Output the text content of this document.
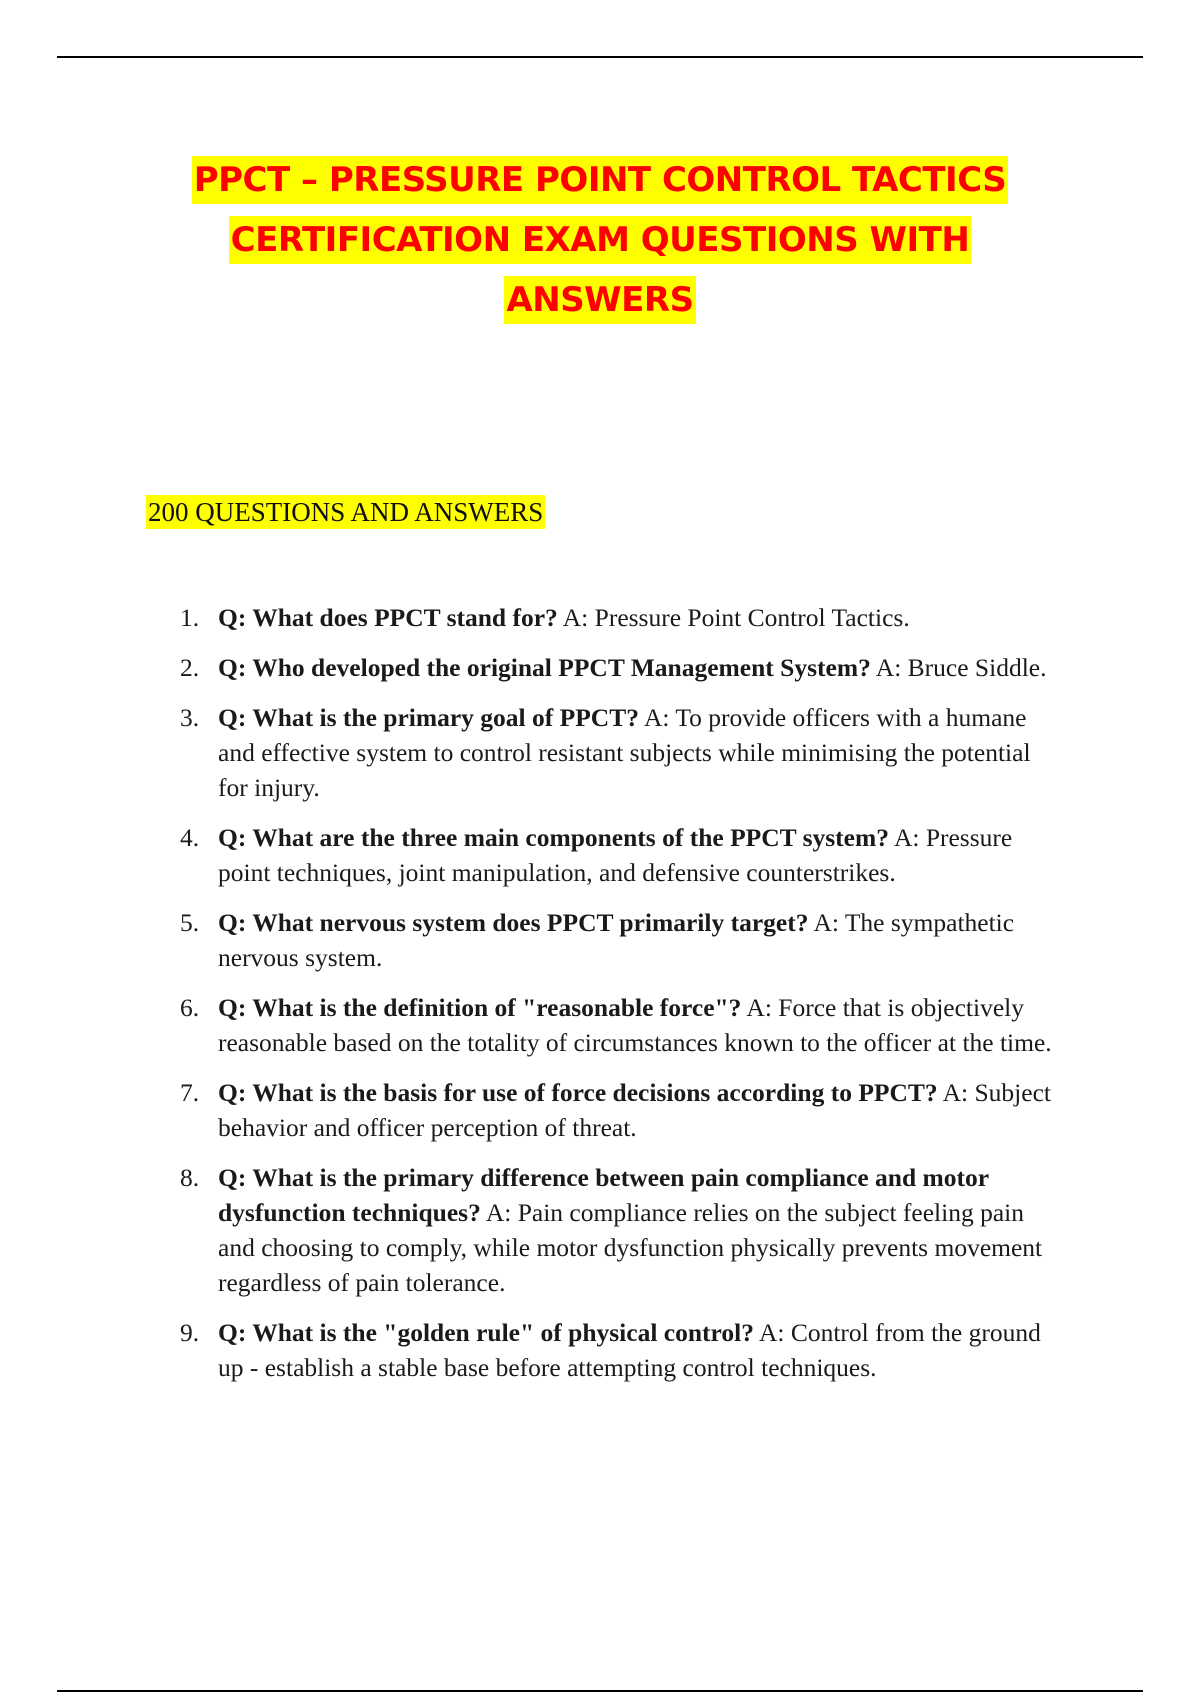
PPCT – PRESSURE POINT CONTROL TACTICS
CERTIFICATION EXAM QUESTIONS WITH
ANSWERS
200 QUESTIONS AND ANSWERS
1. Q: What does PPCT stand for? A: Pressure Point Control Tactics.
2. Q: Who developed the original PPCT Management System? A: Bruce Siddle.
3. Q: What is the primary goal of PPCT? A: To provide officers with a humane and effective system to control resistant subjects while minimising the potential for injury.
4. Q: What are the three main components of the PPCT system? A: Pressure point techniques, joint manipulation, and defensive counterstrikes.
5. Q: What nervous system does PPCT primarily target? A: The sympathetic nervous system.
6. Q: What is the definition of "reasonable force"? A: Force that is objectively reasonable based on the totality of circumstances known to the officer at the time.
7. Q: What is the basis for use of force decisions according to PPCT? A: Subject behavior and officer perception of threat.
8. Q: What is the primary difference between pain compliance and motor dysfunction techniques? A: Pain compliance relies on the subject feeling pain and choosing to comply, while motor dysfunction physically prevents movement regardless of pain tolerance.
9. Q: What is the "golden rule" of physical control? A: Control from the ground up - establish a stable base before attempting control techniques.
